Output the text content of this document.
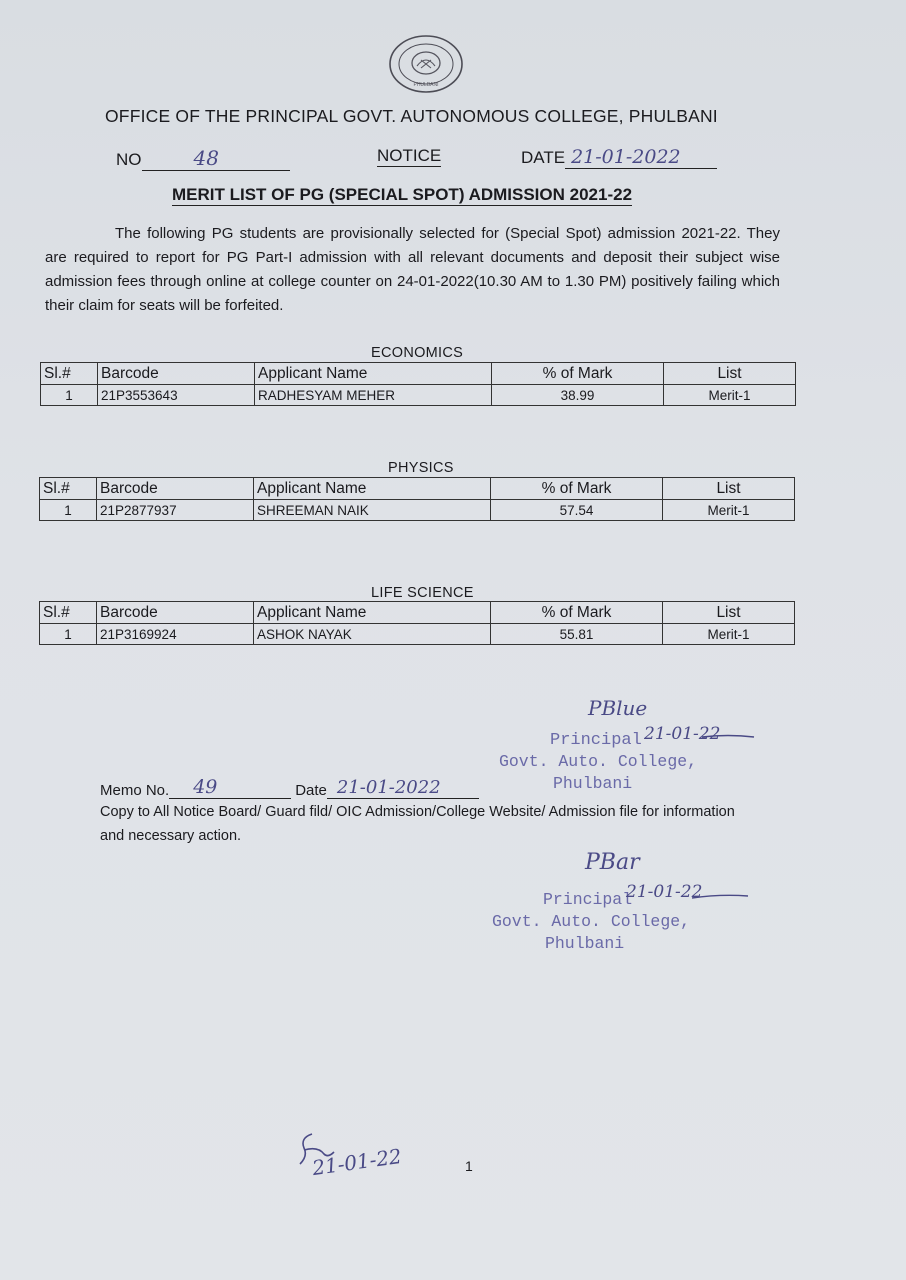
PHULBANI
OFFICE OF THE PRINCIPAL GOVT. AUTONOMOUS COLLEGE, PHULBANI
NO	48	NOTICE	DATE 21-01-2022
MERIT LIST OF PG (SPECIAL SPOT) ADMISSION 2021-22
The following PG students are provisionally selected for (Special Spot) admission 2021-22. They are required to report for PG Part-I admission with all relevant documents and deposit their subject wise admission fees through online at college counter on 24-01-2022(10.30 AM to 1.30 PM) positively failing which their claim for seats will be forfeited.
ECONOMICS
Sl.#	Barcode	Applicant Name	% of Mark	List
1	21P3553643	RADHESYAM MEHER	38.99	Merit-1
PHYSICS
Sl.#	Barcode	Applicant Name	% of Mark	List
1	21P2877937	SHREEMAN NAIK	57.54	Merit-1
LIFE SCIENCE
Sl.#	Barcode	Applicant Name	% of Mark	List
1	21P3169924	ASHOK NAYAK	55.81	Merit-1
PBlue
Principal 21-01-22
Govt. Auto. College,
Phulbani
Memo No. 49	Date 21-01-2022
Copy to All Notice Board/ Guard fild/ OIC Admission/College Website/ Admission file for information and necessary action.
PBar
Principal
21-01-22
Govt. Auto. College,
Phulbani
21-01-22	1
